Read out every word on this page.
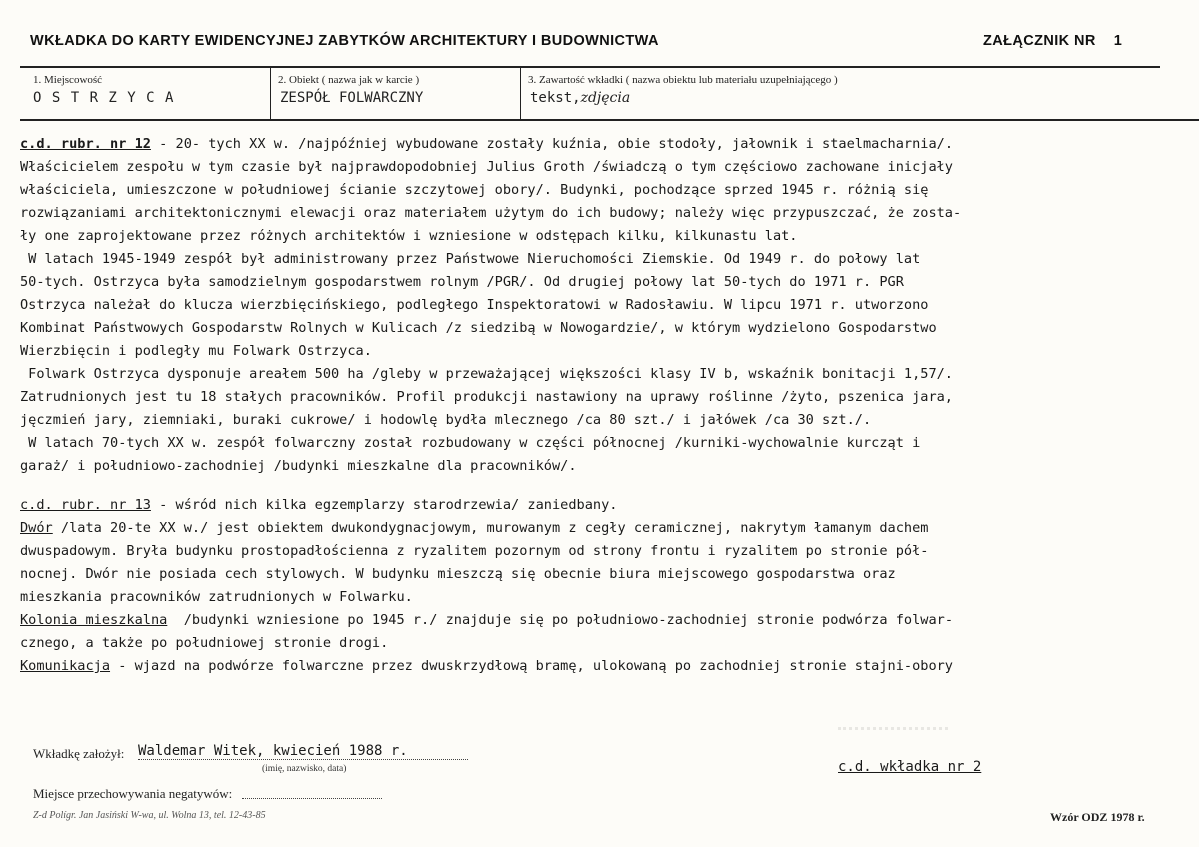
WKŁADKA DO KARTY EWIDENCYJNEJ ZABYTKÓW ARCHITEKTURY I BUDOWNICTWA	ZAŁĄCZNIK NR 1
1. Miejscowość
O S T R Z Y C A
2. Obiekt ( nazwa jak w karcie )
ZESPÓŁ FOLWARCZNY
3. Zawartość wkładki ( nazwa obiektu lub materiału uzupełniającego )
tekst,zdjęcia
c.d. rubr. nr 12 - 20- tych XX w. /najpóźniej wybudowane zostały kuźnia, obie stodoły, jałownik i staelmacharnia/.
Właścicielem zespołu w tym czasie był najprawdopodobniej Julius Groth /świadczą o tym częściowo zachowane inicjały
właściciela, umieszczone w południowej ścianie szczytowej obory/. Budynki, pochodzące sprzed 1945 r. różnią się
rozwiązaniami architektonicznymi elewacji oraz materiałem użytym do ich budowy; należy więc przypuszczać, że zosta-
ły one zaprojektowane przez różnych architektów i wzniesione w odstępach kilku, kilkunastu lat.
W latach 1945-1949 zespół był administrowany przez Państwowe Nieruchomości Ziemskie. Od 1949 r. do połowy lat
50-tych. Ostrzyca była samodzielnym gospodarstwem rolnym /PGR/. Od drugiej połowy lat 50-tych do 1971 r. PGR
Ostrzyca należał do klucza wierzbięcińskiego, podległego Inspektoratowi w Radosławiu. W lipcu 1971 r. utworzono
Kombinat Państwowych Gospodarstw Rolnych w Kulicach /z siedzibą w Nowogardzie/, w którym wydzielono Gospodarstwo
Wierzbięcin i podległy mu Folwark Ostrzyca.
Folwark Ostrzyca dysponuje areałem 500 ha /gleby w przeważającej większości klasy IV b, wskaźnik bonitacji 1,57/.
Zatrudnionych jest tu 18 stałych pracowników. Profil produkcji nastawiony na uprawy roślinne /żyto, pszenica jara,
jęczmień jary, ziemniaki, buraki cukrowe/ i hodowlę bydła mlecznego /ca 80 szt./ i jałówek /ca 30 szt./.
W latach 70-tych XX w. zespół folwarczny został rozbudowany w części północnej /kurniki-wychowalnie kurcząt i
garaż/ i południowo-zachodniej /budynki mieszkalne dla pracowników/.
c.d. rubr. nr 13 - wśród nich kilka egzemplarzy starodrzewia/ zaniedbany.
Dwór /lata 20-te XX w./ jest obiektem dwukondygnacjowym, murowanym z cegły ceramicznej, nakrytym łamanym dachem
dwuspadowym. Bryła budynku prostopadłościenna z ryzalitem pozornym od strony frontu i ryzalitem po stronie pół-
nocnej. Dwór nie posiada cech stylowych. W budynku mieszczą się obecnie biura miejscowego gospodarstwa oraz
mieszkania pracowników zatrudnionych w Folwarku.
Kolonia mieszkalna  /budynki wzniesione po 1945 r./ znajduje się po południowo-zachodniej stronie podwórza folwar-
cznego, a także po południowej stronie drogi.
Komunikacja - wjazd na podwórze folwarczne przez dwuskrzydłową bramę, ulokowaną po zachodniej stronie stajni-obory
Wkładkę założył: Waldemar Witek, kwiecień 1988 r.
(imię, nazwisko, data)	c.d. wkładka nr 2
Miejsce przechowywania negatywów:
Z-d Polígr. Jan Jasiński W-wa, ul. Wolna 13, tel. 12-43-85	Wzór ODZ 1978 r.
